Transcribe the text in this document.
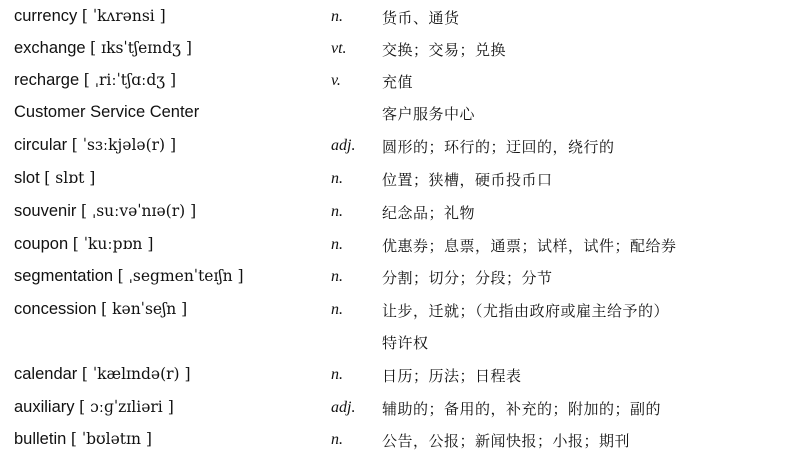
currency [ ˈkʌrənsi ]	n.	货币、通货
exchange [ ɪksˈtʃeɪndʒ ]	vt. 交换；交易；兑换
recharge [ ˌriːˈtʃɑːdʒ ]	v.	充值
Customer Service Center	客户服务中心
circular [ ˈsɜːkjələ(r) ]	adj. 圆形的；环行的；迂回的，绕行的
slot [ slɒt ]	n.	位置；狭槽，硬币投币口
souvenir [ ˌsuːvəˈnɪə(r) ]	n.	纪念品；礼物
coupon [ ˈkuːpɒn ]	n.	优惠券；息票，通票；试样，试件；配给券
segmentation [ ˌsegmenˈteɪʃn ]	n.	分割；切分；分段；分节
concession [ kənˈseʃn ]	n.	让步，迁就；（尤指由政府或雇主给予的）
特许权
calendar [ ˈkælɪndə(r) ]	n.	日历；历法；日程表
auxiliary [ ɔːɡˈzɪliəri ]	adj. 辅助的；备用的，补充的；附加的；副的
bulletin [ ˈbʊlətɪn ]	n.	公告，公报；新闻快报；小报；期刊
